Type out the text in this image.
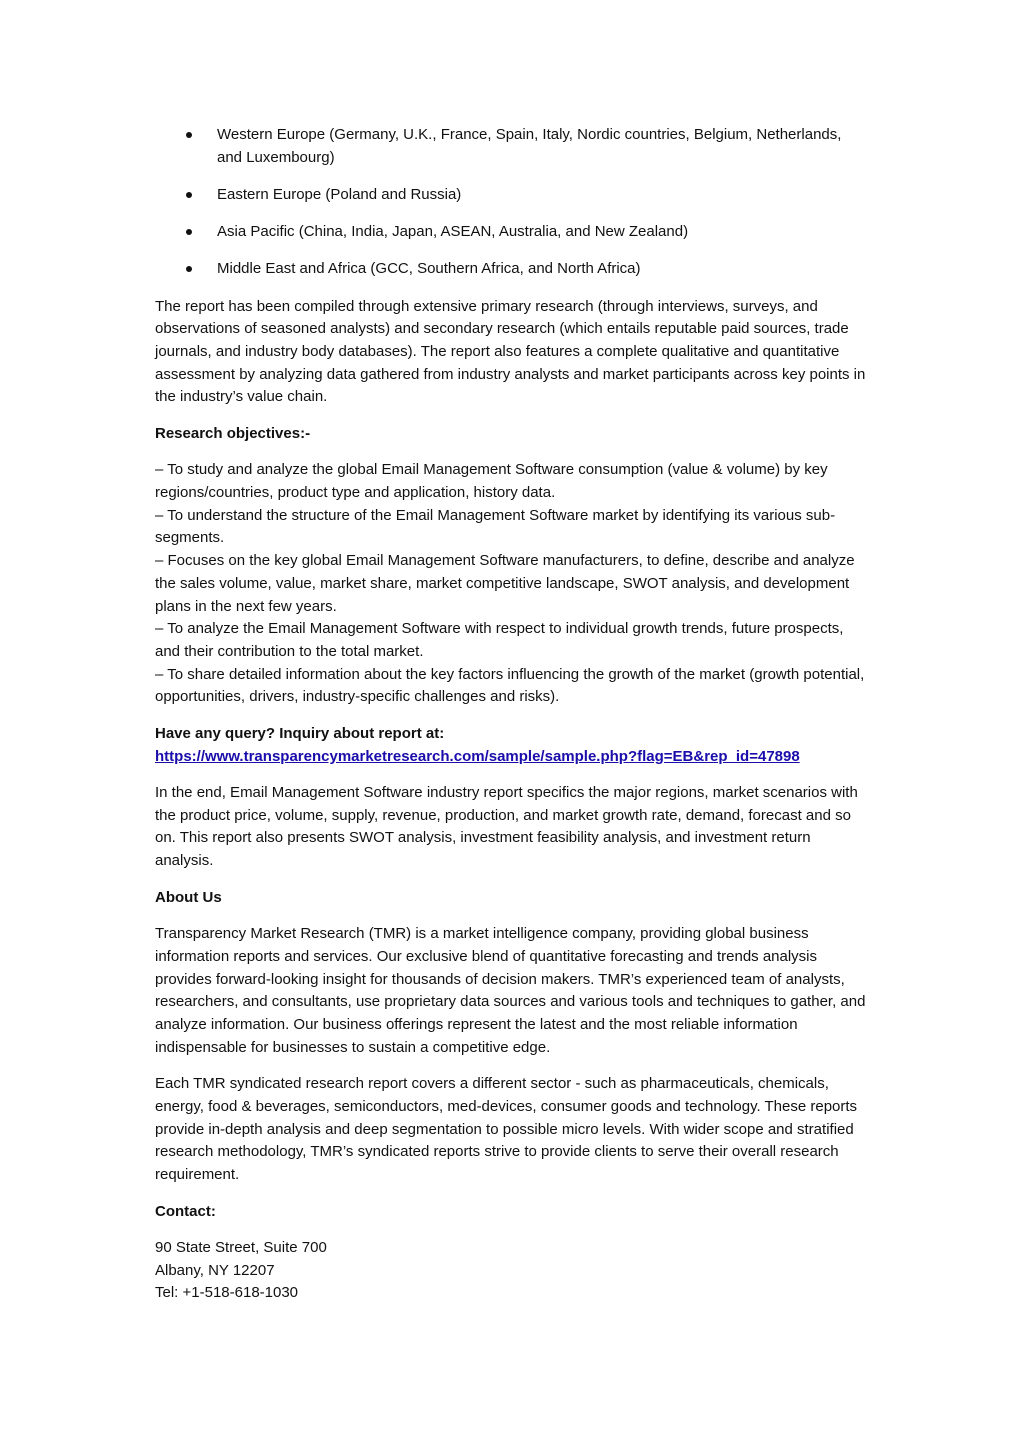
Western Europe (Germany, U.K., France, Spain, Italy, Nordic countries, Belgium, Netherlands, and Luxembourg)
Eastern Europe (Poland and Russia)
Asia Pacific (China, India, Japan, ASEAN, Australia, and New Zealand)
Middle East and Africa (GCC, Southern Africa, and North Africa)

The report has been compiled through extensive primary research (through interviews, surveys, and observations of seasoned analysts) and secondary research (which entails reputable paid sources, trade journals, and industry body databases). The report also features a complete qualitative and quantitative assessment by analyzing data gathered from industry analysts and market participants across key points in the industry’s value chain.

Research objectives:-

– To study and analyze the global Email Management Software consumption (value & volume) by key regions/countries, product type and application, history data.
– To understand the structure of the Email Management Software market by identifying its various sub-segments.
– Focuses on the key global Email Management Software manufacturers, to define, describe and analyze the sales volume, value, market share, market competitive landscape, SWOT analysis, and development plans in the next few years.
– To analyze the Email Management Software with respect to individual growth trends, future prospects, and their contribution to the total market.
– To share detailed information about the key factors influencing the growth of the market (growth potential, opportunities, drivers, industry-specific challenges and risks).

Have any query? Inquiry about report at:
https://www.transparencymarketresearch.com/sample/sample.php?flag=EB&rep_id=47898

In the end, Email Management Software industry report specifics the major regions, market scenarios with the product price, volume, supply, revenue, production, and market growth rate, demand, forecast and so on. This report also presents SWOT analysis, investment feasibility analysis, and investment return analysis.

About Us

Transparency Market Research (TMR) is a market intelligence company, providing global business information reports and services. Our exclusive blend of quantitative forecasting and trends analysis provides forward-looking insight for thousands of decision makers. TMR’s experienced team of analysts, researchers, and consultants, use proprietary data sources and various tools and techniques to gather, and analyze information. Our business offerings represent the latest and the most reliable information indispensable for businesses to sustain a competitive edge.

Each TMR syndicated research report covers a different sector - such as pharmaceuticals, chemicals, energy, food & beverages, semiconductors, med-devices, consumer goods and technology. These reports provide in-depth analysis and deep segmentation to possible micro levels. With wider scope and stratified research methodology, TMR’s syndicated reports strive to provide clients to serve their overall research requirement.

Contact:

90 State Street, Suite 700
Albany, NY 12207
Tel: +1-518-618-1030
